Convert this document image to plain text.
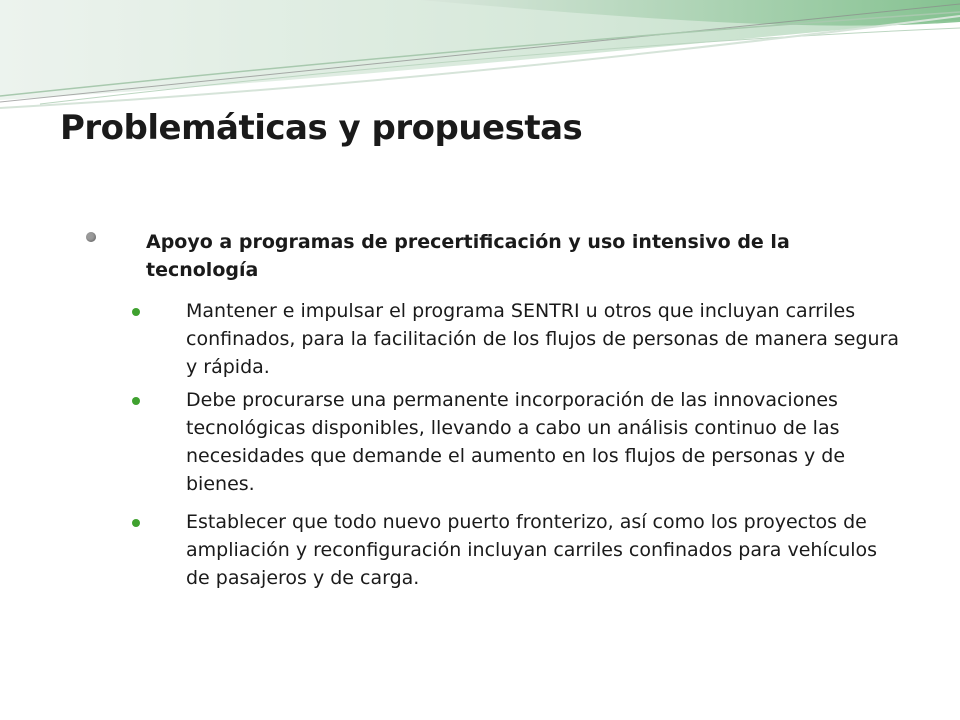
Problemáticas y propuestas
Apoyo a programas de precertificación y uso intensivo de la tecnología
Mantener e impulsar el programa SENTRI u otros que incluyan carriles confinados, para la facilitación de los flujos de personas de manera segura y rápida.
Debe procurarse una permanente incorporación de las innovaciones tecnológicas disponibles, llevando a cabo un análisis continuo de las necesidades que demande el aumento en los flujos de personas y de bienes.
Establecer que todo nuevo puerto fronterizo, así como los proyectos de ampliación y reconfiguración incluyan carriles confinados para vehículos de pasajeros y de carga.
